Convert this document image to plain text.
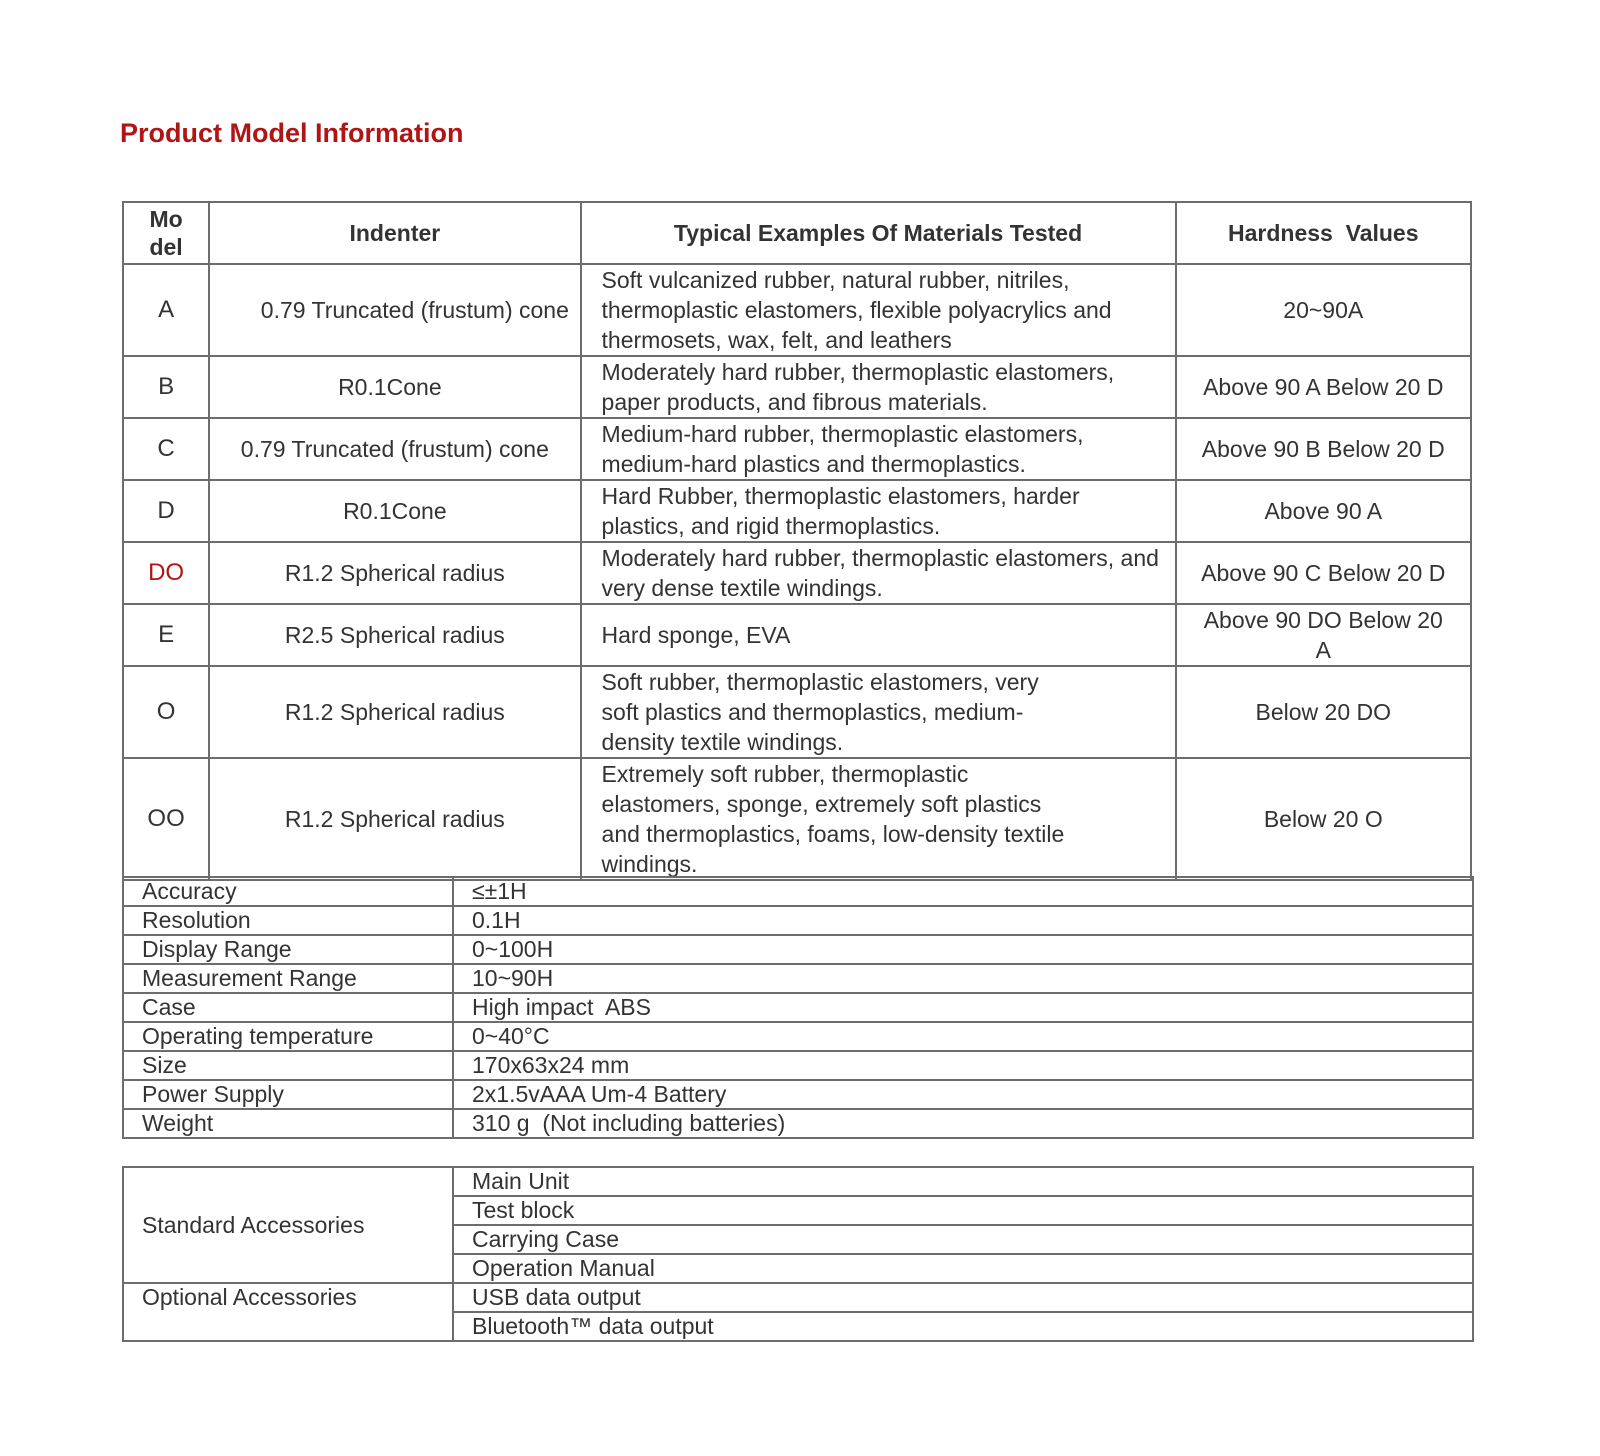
Product Model Information
Mo del	Indenter	Typical Examples Of Materials Tested	Hardness  Values
A	0.79 Truncated (frustum) cone	Soft vulcanized rubber, natural rubber, nitriles, thermoplastic elastomers, flexible polyacrylics and thermosets, wax, felt, and leathers	20~90A
B	R0.1Cone	Moderately hard rubber, thermoplastic elastomers, paper products, and fibrous materials.	Above 90 A Below 20 D
C	0.79 Truncated (frustum) cone	Medium-hard rubber, thermoplastic elastomers, medium-hard plastics and thermoplastics.	Above 90 B Below 20 D
D	R0.1Cone	Hard Rubber, thermoplastic elastomers, harder plastics, and rigid thermoplastics.	Above 90 A
DO	R1.2 Spherical radius	Moderately hard rubber, thermoplastic elastomers, and very dense textile windings.	Above 90 C Below 20 D
E	R2.5 Spherical radius	Hard sponge, EVA	Above 90 DO Below 20 A
O	R1.2 Spherical radius	Soft rubber, thermoplastic elastomers, very soft plastics and thermoplastics, medium-density textile windings.	Below 20 DO
OO	R1.2 Spherical radius	Extremely soft rubber, thermoplastic elastomers, sponge, extremely soft plastics and thermoplastics, foams, low-density textile windings.	Below 20 O
Accuracy	≤±1H
Resolution	0.1H
Display Range	0~100H
Measurement Range	10~90H
Case	High impact  ABS
Operating temperature	0~40°C
Size	170x63x24 mm
Power Supply	2x1.5vAAA Um-4 Battery
Weight	310 g  (Not including batteries)
Standard Accessories	Main Unit
	Test block
	Carrying Case
	Operation Manual
Optional Accessories	USB data output
	Bluetooth™ data output
